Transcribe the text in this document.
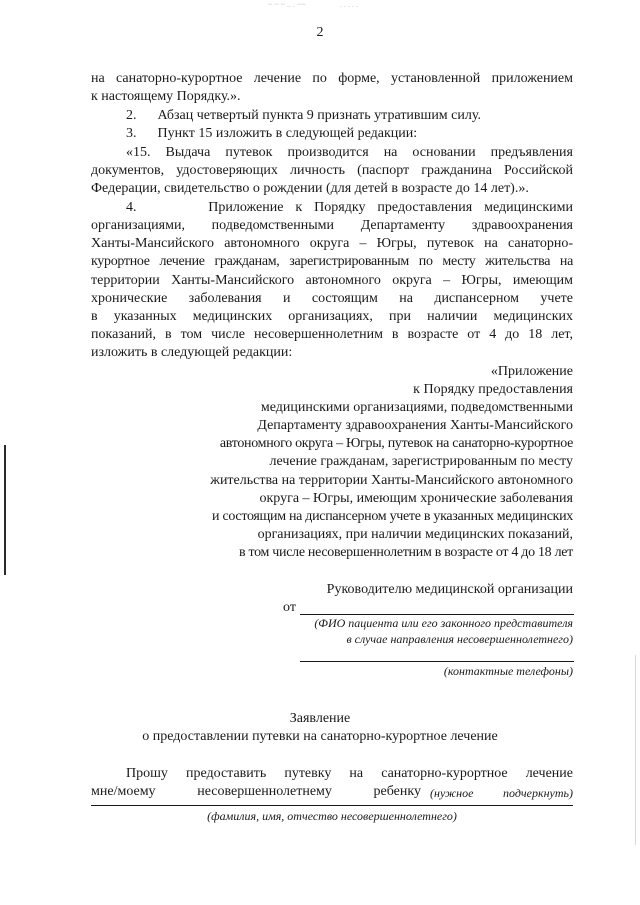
~ ~ ~ .. . ~~	. . . . .
2
на санаторно-курортное лечение по форме, установленной приложением
к настоящему Порядку.».
2.      Абзац четвертый пункта 9 признать утратившим силу.
3.      Пункт 15 изложить в следующей редакции:
«15. Выдача путевок производится на основании предъявления
документов, удостоверяющих личность (паспорт гражданина Российской
Федерации, свидетельство о рождении (для детей в возрасте до 14 лет).».
4.      Приложение к Порядку предоставления медицинскими
организациями, подведомственными Департаменту здравоохранения
Ханты-Мансийского автономного округа – Югры, путевок на санаторно-
курортное лечение гражданам, зарегистрированным по месту жительства на
территории Ханты-Мансийского автономного округа – Югры, имеющим
хронические заболевания и состоящим на диспансерном учете
в указанных медицинских организациях, при наличии медицинских
показаний, в том числе несовершеннолетним в возрасте от 4 до 18 лет,
изложить в следующей редакции:
«Приложение
к Порядку предоставления
медицинскими организациями, подведомственными
Департаменту здравоохранения Ханты-Мансийского
автономного округа – Югры, путевок на санаторно-курортное
лечение гражданам, зарегистрированным по месту
жительства на территории Ханты-Мансийского автономного
округа – Югры, имеющим хронические заболевания
и состоящим на диспансерном учете в указанных медицинских
организациях, при наличии медицинских показаний,
в том числе несовершеннолетним в возрасте от 4 до 18 лет
Руководителю медицинской организации
от
(ФИО пациента или его законного представителя
в случае направления несовершеннолетнего)
(контактные телефоны)
Заявление
о предоставлении путевки на санаторно-курортное лечение
Прошу предоставить путевку на санаторно-курортное лечение
мне/моему несовершеннолетнему ребенку (нужное подчеркнуть)
(фамилия, имя, отчество несовершеннолетнего)
